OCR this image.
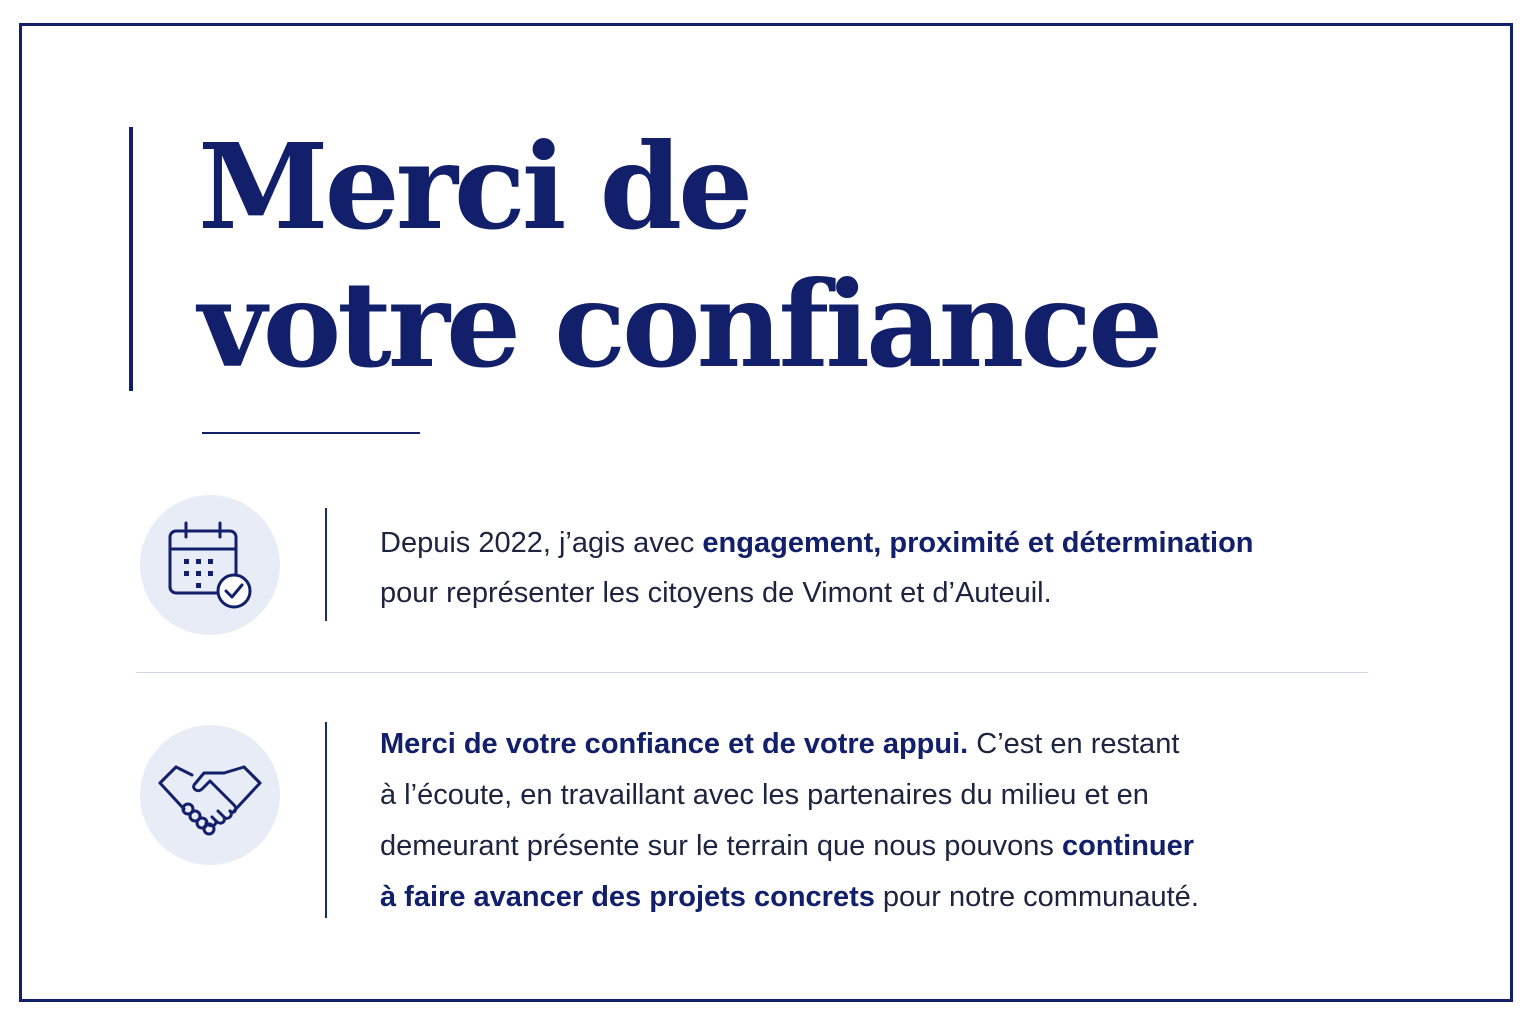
Merci de
votre confiance

Depuis 2022, j’agis avec engagement, proximité et détermination
pour représenter les citoyens de Vimont et d’Auteuil.

Merci de votre confiance et de votre appui. C’est en restant
à l’écoute, en travaillant avec les partenaires du milieu et en
demeurant présente sur le terrain que nous pouvons continuer
à faire avancer des projets concrets pour notre communauté.
